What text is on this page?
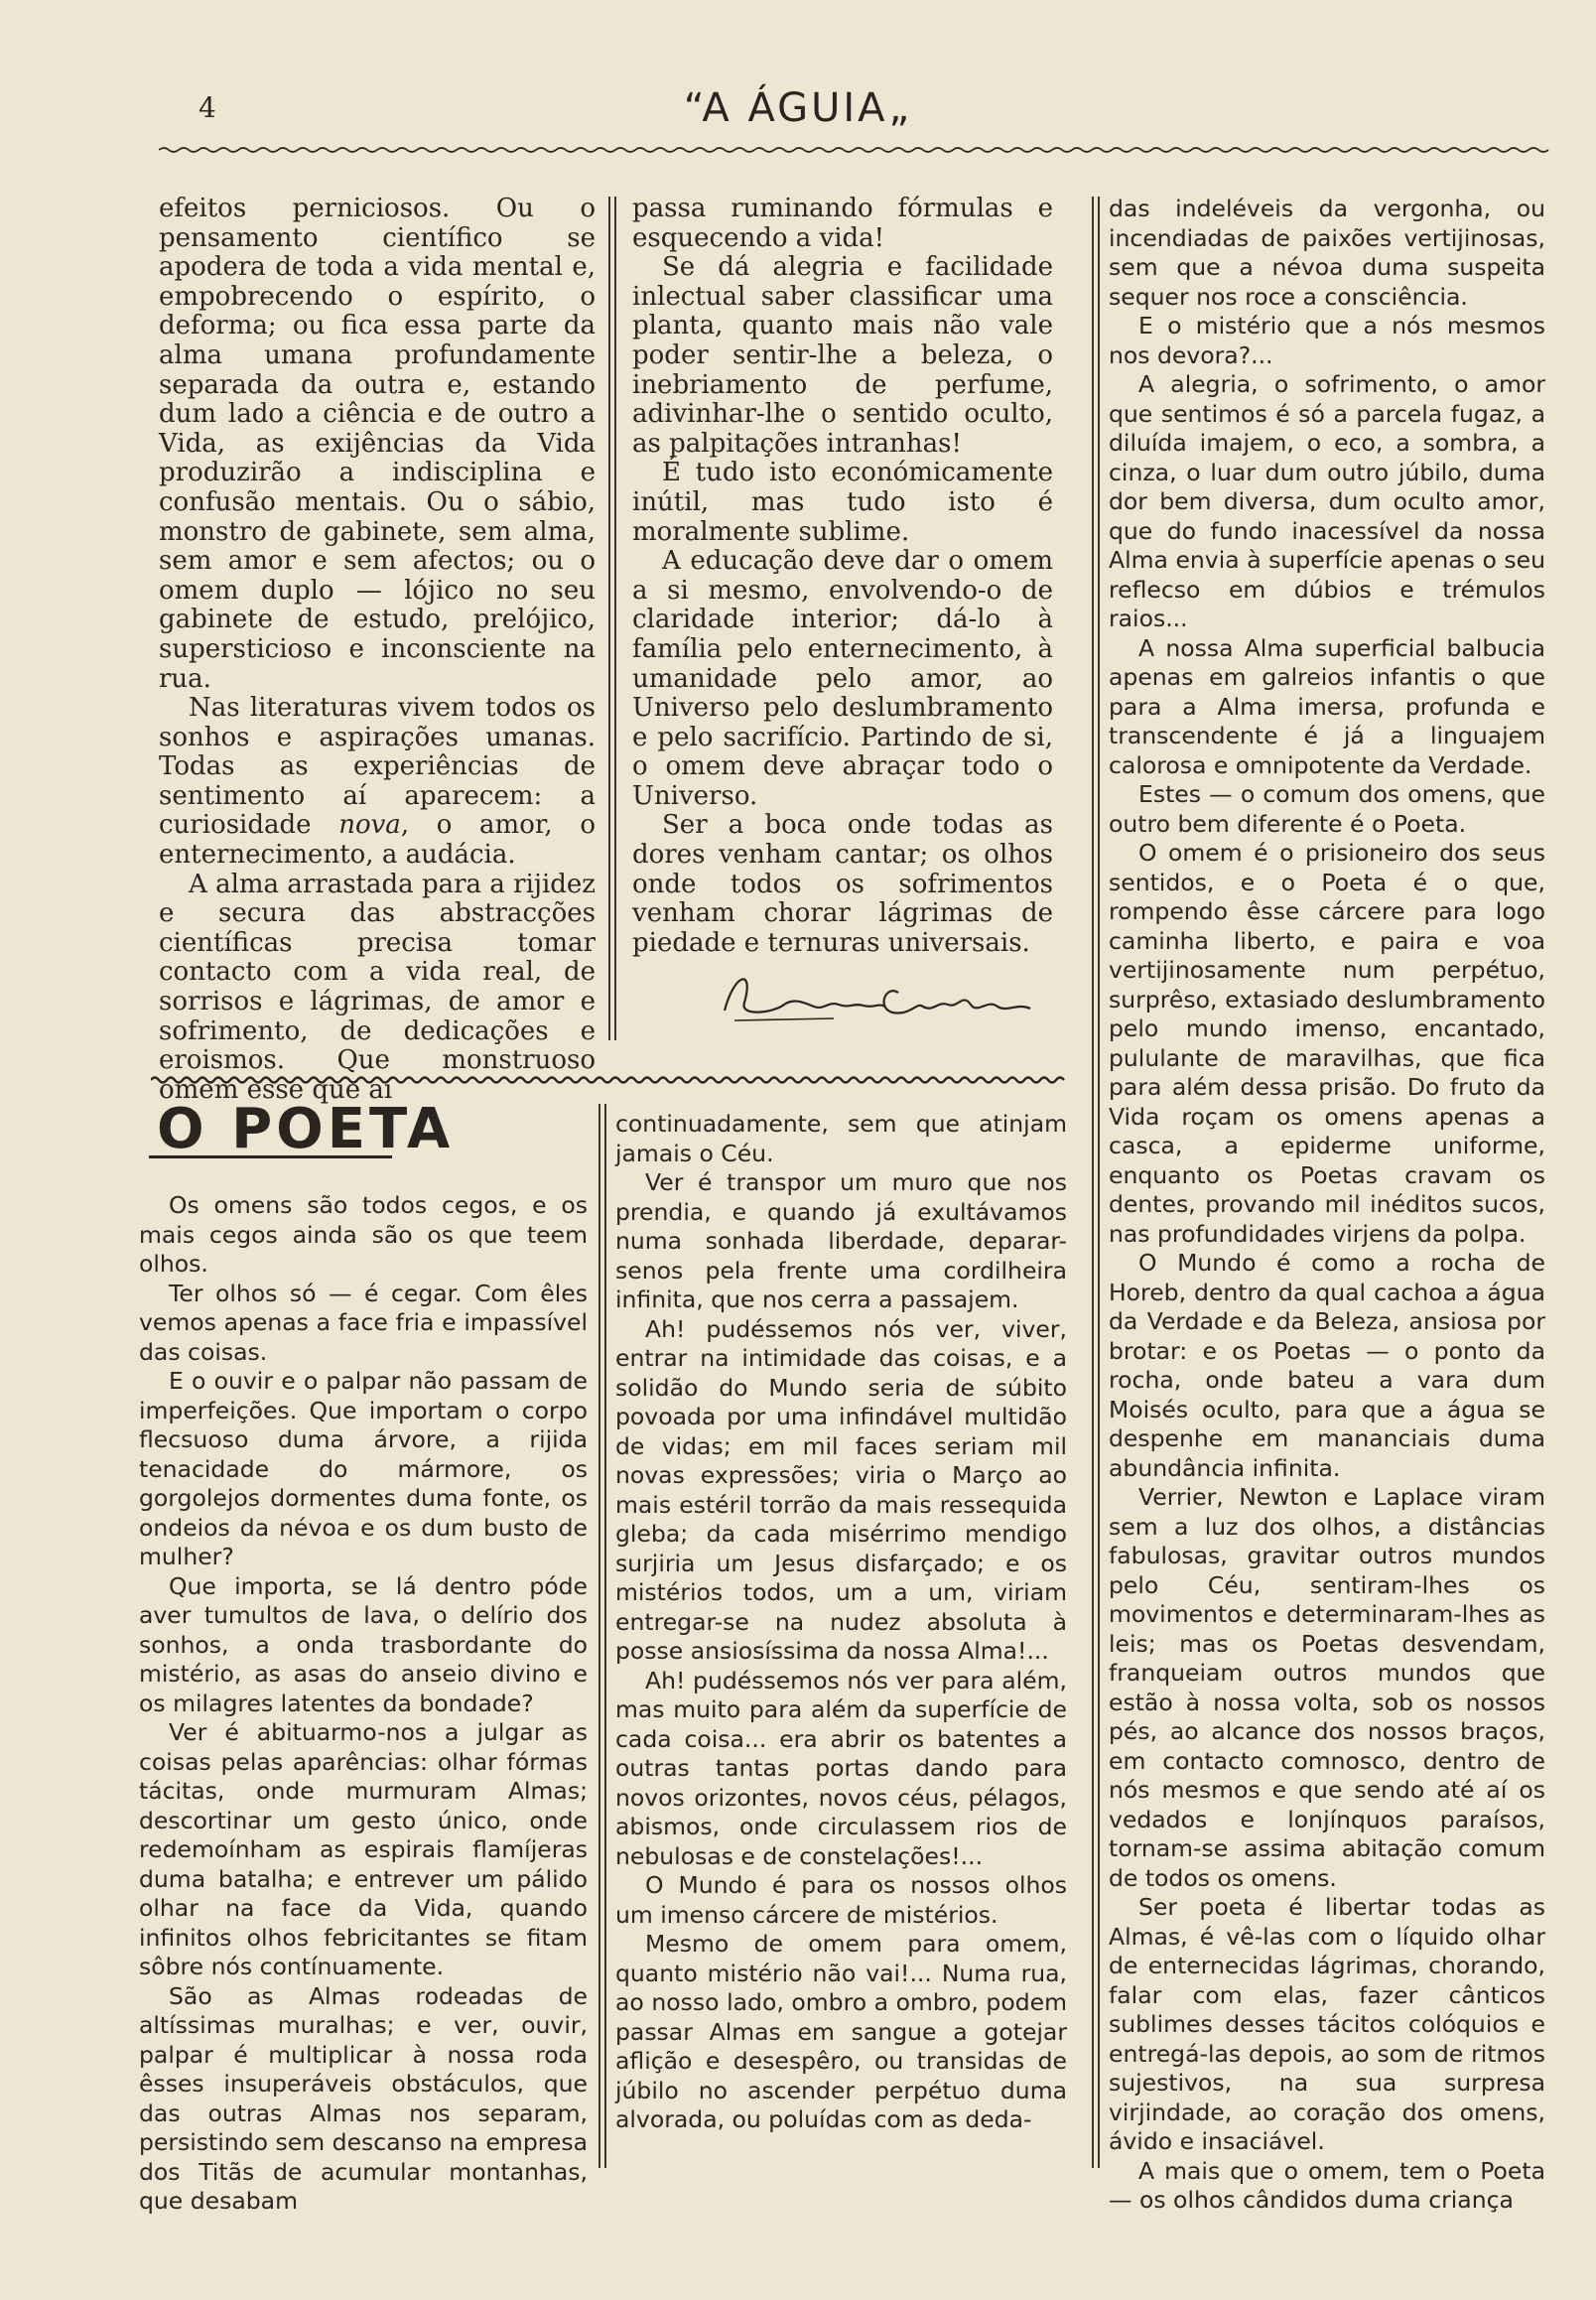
4	“A ÁGUIA„

efeitos perniciosos. Ou o pensamento científico se apodera de toda a vida mental e, empobrecendo o espírito, o deforma; ou fica essa parte da alma umana profundamente separada da outra e, estando dum lado a ciência e de outro a Vida, as exijências da Vida produzirão a indisciplina e confusão mentais. Ou o sábio, monstro de gabinete, sem alma, sem amor e sem afectos; ou o omem duplo — lójico no seu gabinete de estudo, prelójico, supersticioso e inconsciente na rua.

Nas literaturas vivem todos os sonhos e aspirações umanas. Todas as experiências de sentimento aí aparecem: a curiosidade nova, o amor, o enternecimento, a audácia.

A alma arrastada para a rijidez e secura das abstracções científicas precisa tomar contacto com a vida real, de sorrisos e lágrimas, de amor e sofrimento, de dedicações e eroismos. Que monstruoso omem esse que aí

passa ruminando fórmulas e esquecendo a vida!

Se dá alegria e facilidade inlectual saber classificar uma planta, quanto mais não vale poder sentir-lhe a beleza, o inebriamento de perfume, adivinhar-lhe o sentido oculto, as palpitações intranhas!

É tudo isto económicamente inútil, mas tudo isto é moralmente sublime.

A educação deve dar o omem a si mesmo, envolvendo-o de claridade interior; dá-lo à família pelo enternecimento, à umanidade pelo amor, ao Universo pelo deslumbramento e pelo sacrifício. Partindo de si, o omem deve abraçar todo o Universo.

Ser a boca onde todas as dores venham cantar; os olhos onde todos os sofrimentos venham chorar lágrimas de piedade e ternuras universais.

O POETA

Os omens são todos cegos, e os mais cegos ainda são os que teem olhos.

Ter olhos só — é cegar. Com êles vemos apenas a face fria e impassível das coisas.

E o ouvir e o palpar não passam de imperfeições. Que importam o corpo flecsuoso duma árvore, a rijida tenacidade do mármore, os gorgolejos dormentes duma fonte, os ondeios da névoa e os dum busto de mulher?

Que importa, se lá dentro póde aver tumultos de lava, o delírio dos sonhos, a onda trasbordante do mistério, as asas do anseio divino e os milagres latentes da bondade?

Ver é abituarmo-nos a julgar as coisas pelas aparências: olhar fórmas tácitas, onde murmuram Almas; descortinar um gesto único, onde redemoínham as espirais flamíjeras duma batalha; e entrever um pálido olhar na face da Vida, quando infinitos olhos febricitantes se fitam sôbre nós contínuamente.

São as Almas rodeadas de altíssimas muralhas; e ver, ouvir, palpar é multiplicar à nossa roda êsses insuperáveis obstáculos, que das outras Almas nos separam, persistindo sem descanso na empresa dos Titãs de acumular montanhas, que desabam

continuadamente, sem que atinjam jamais o Céu.

Ver é transpor um muro que nos prendia, e quando já exultávamos numa sonhada liberdade, deparar-senos pela frente uma cordilheira infinita, que nos cerra a passajem.

Ah! pudéssemos nós ver, viver, entrar na intimidade das coisas, e a solidão do Mundo seria de súbito povoada por uma infindável multidão de vidas; em mil faces seriam mil novas expressões; viria o Março ao mais estéril torrão da mais ressequida gleba; da cada misérrimo mendigo surjiria um Jesus disfarçado; e os mistérios todos, um a um, viriam entregar-se na nudez absoluta à posse ansiosíssima da nossa Alma!...

Ah! pudéssemos nós ver para além, mas muito para além da superfície de cada coisa... era abrir os batentes a outras tantas portas dando para novos orizontes, novos céus, pélagos, abismos, onde circulassem rios de nebulosas e de constelações!...

O Mundo é para os nossos olhos um imenso cárcere de mistérios.

Mesmo de omem para omem, quanto mistério não vai!... Numa rua, ao nosso lado, ombro a ombro, podem passar Almas em sangue a gotejar aflição e desespêro, ou transidas de júbilo no ascender perpétuo duma alvorada, ou poluídas com as deda-

das indeléveis da vergonha, ou incendiadas de paixões vertijinosas, sem que a névoa duma suspeita sequer nos roce a consciência.

E o mistério que a nós mesmos nos devora?...

A alegria, o sofrimento, o amor que sentimos é só a parcela fugaz, a diluída imajem, o eco, a sombra, a cinza, o luar dum outro júbilo, duma dor bem diversa, dum oculto amor, que do fundo inacessível da nossa Alma envia à superfície apenas o seu reflecso em dúbios e trémulos raios...

A nossa Alma superficial balbucia apenas em galreios infantis o que para a Alma imersa, profunda e transcendente é já a linguajem calorosa e omnipotente da Verdade.

Estes — o comum dos omens, que outro bem diferente é o Poeta.

O omem é o prisioneiro dos seus sentidos, e o Poeta é o que, rompendo êsse cárcere para logo caminha liberto, e paira e voa vertijinosamente num perpétuo, surprêso, extasiado deslumbramento pelo mundo imenso, encantado, pululante de maravilhas, que fica para além dessa prisão. Do fruto da Vida roçam os omens apenas a casca, a epiderme uniforme, enquanto os Poetas cravam os dentes, provando mil inéditos sucos, nas profundidades virjens da polpa.

O Mundo é como a rocha de Horeb, dentro da qual cachoa a água da Verdade e da Beleza, ansiosa por brotar: e os Poetas — o ponto da rocha, onde bateu a vara dum Moisés oculto, para que a água se despenhe em mananciais duma abundância infinita.

Verrier, Newton e Laplace viram sem a luz dos olhos, a distâncias fabulosas, gravitar outros mundos pelo Céu, sentiram-lhes os movimentos e determinaram-lhes as leis; mas os Poetas desvendam, franqueiam outros mundos que estão à nossa volta, sob os nossos pés, ao alcance dos nossos braços, em contacto comnosco, dentro de nós mesmos e que sendo até aí os vedados e lonjínquos paraísos, tornam-se assima abitação comum de todos os omens.

Ser poeta é libertar todas as Almas, é vê-las com o líquido olhar de enternecidas lágrimas, chorando, falar com elas, fazer cânticos sublimes desses tácitos colóquios e entregá-las depois, ao som de ritmos sujestivos, na sua surpresa virjindade, ao coração dos omens, ávido e insaciável.

A mais que o omem, tem o Poeta — os olhos cândidos duma criança
